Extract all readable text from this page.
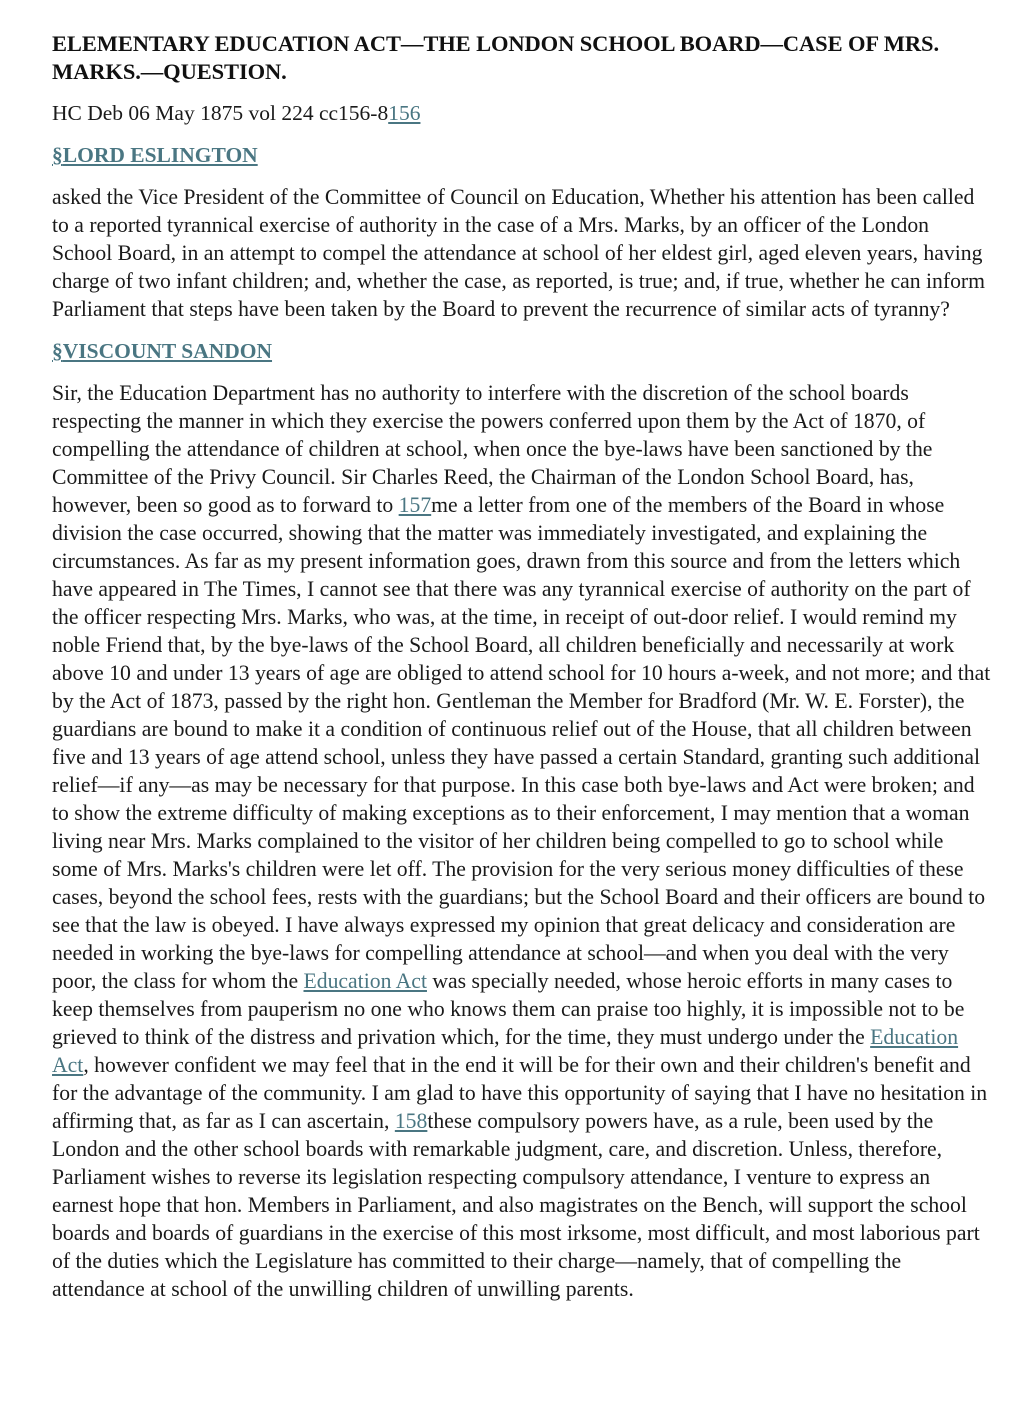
ELEMENTARY EDUCATION ACT—THE LONDON SCHOOL BOARD—CASE OF MRS. MARKS.—QUESTION.
HC Deb 06 May 1875 vol 224 cc156-8156
§LORD ESLINGTON

asked the Vice President of the Committee of Council on Education, Whether his attention has been called to a reported tyrannical exercise of authority in the case of a Mrs. Marks, by an officer of the London School Board, in an attempt to compel the attendance at school of her eldest girl, aged eleven years, having charge of two infant children; and, whether the case, as reported, is true; and, if true, whether he can inform Parliament that steps have been taken by the Board to prevent the recurrence of similar acts of tyranny?

§VISCOUNT SANDON

Sir, the Education Department has no authority to interfere with the discretion of the school boards respecting the manner in which they exercise the powers conferred upon them by the Act of 1870, of compelling the attendance of children at school, when once the bye-laws have been sanctioned by the Committee of the Privy Council. Sir Charles Reed, the Chairman of the London School Board, has, however, been so good as to forward to 157me a letter from one of the members of the Board in whose division the case occurred, showing that the matter was immediately investigated, and explaining the circumstances. As far as my present information goes, drawn from this source and from the letters which have appeared in The Times, I cannot see that there was any tyrannical exercise of authority on the part of the officer respecting Mrs. Marks, who was, at the time, in receipt of out-door relief. I would remind my noble Friend that, by the bye-laws of the School Board, all children beneficially and necessarily at work above 10 and under 13 years of age are obliged to attend school for 10 hours a-week, and not more; and that by the Act of 1873, passed by the right hon. Gentleman the Member for Bradford (Mr. W. E. Forster), the guardians are bound to make it a condition of continuous relief out of the House, that all children between five and 13 years of age attend school, unless they have passed a certain Standard, granting such additional relief—if any—as may be necessary for that purpose. In this case both bye-laws and Act were broken; and to show the extreme difficulty of making exceptions as to their enforcement, I may mention that a woman living near Mrs. Marks complained to the visitor of her children being compelled to go to school while some of Mrs. Marks's children were let off. The provision for the very serious money difficulties of these cases, beyond the school fees, rests with the guardians; but the School Board and their officers are bound to see that the law is obeyed. I have always expressed my opinion that great delicacy and consideration are needed in working the bye-laws for compelling attendance at school—and when you deal with the very poor, the class for whom the Education Act was specially needed, whose heroic efforts in many cases to keep themselves from pauperism no one who knows them can praise too highly, it is impossible not to be grieved to think of the distress and privation which, for the time, they must undergo under the Education Act, however confident we may feel that in the end it will be for their own and their children's benefit and for the advantage of the community. I am glad to have this opportunity of saying that I have no hesitation in affirming that, as far as I can ascertain, 158these compulsory powers have, as a rule, been used by the London and the other school boards with remarkable judgment, care, and discretion. Unless, therefore, Parliament wishes to reverse its legislation respecting compulsory attendance, I venture to express an earnest hope that hon. Members in Parliament, and also magistrates on the Bench, will support the school boards and boards of guardians in the exercise of this most irksome, most difficult, and most laborious part of the duties which the Legislature has committed to their charge—namely, that of compelling the attendance at school of the unwilling children of unwilling parents.
